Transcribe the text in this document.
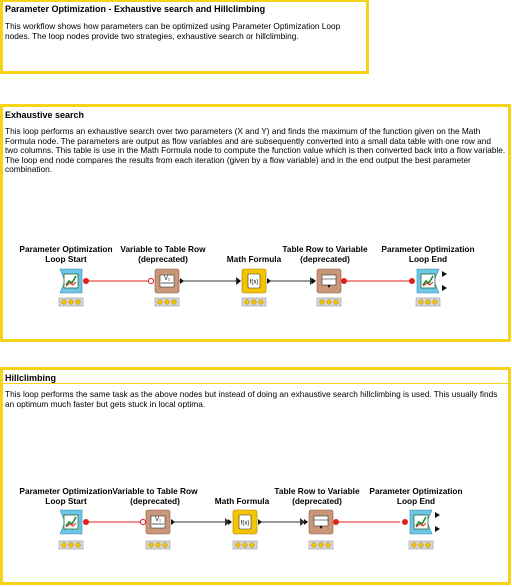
Parameter Optimization - Exhaustive search and Hillclimbing
This workflow shows how parameters can be optimized using Parameter Optimization Loop nodes. The loop nodes provide two strategies, exhaustive search or hillclimbing.
Exhaustive search
This loop performs an exhaustive search over two parameters (X and Y) and finds the maximum of the function given on the Math Formula node. The parameters are output as flow variables and are subsequently converted into a small data table with one row and two columns. This table is use in the Math Formula node to compute the function value which is then converted back into a flow variable. The loop end node compares the results from each iteration (given by a flow variable) and in the end output the best parameter combination.
Hillclimbing
This loop performs the same task as the above nodes but instead of doing an exhaustive search hillclimbing is used. This usually finds an optimum much faster but gets stuck in local optima.
Parameter Optimization Loop Start
Variable to Table Row (deprecated)	Math Formula
Table Row to Variable (deprecated)
Parameter Optimization Loop End
Parameter Optimization Loop Start
Variable to Table Row (deprecated)	Math Formula
Table Row to Variable (deprecated)
Parameter Optimization Loop End
V₁
f(x)
▼
V₁
f(x)
▼
